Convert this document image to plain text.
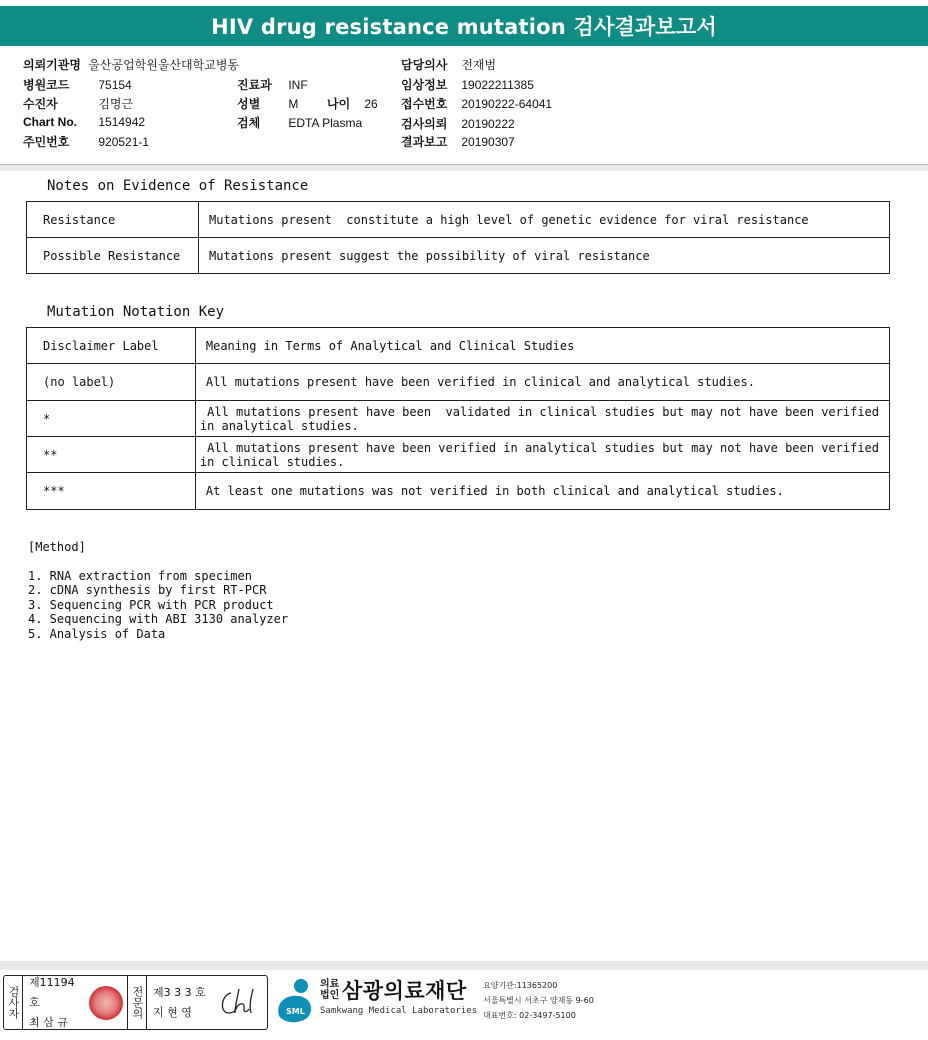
HIV drug resistance mutation 검사결과보고서
의뢰기관명 울산공업학원울산대학교병동
병원코드 75154
수진자	김명근
Chart No. 1514942
주민번호 920521-1
진료과 INF
성별 M 나이 26
검체 EDTA Plasma
담당의사 전재범
임상정보 19022211385
접수번호 20190222-64041
검사의뢰 20190222
결과보고 20190307
Notes on Evidence of Resistance
Resistance	Mutations present  constitute a high level of genetic evidence for viral resistance
Possible Resistance	Mutations present suggest the possibility of viral resistance
Mutation Notation Key
Disclaimer Label	Meaning in Terms of Analytical and Clinical Studies
(no label)	All mutations present have been verified in clinical and analytical studies.
*	All mutations present have been  validated in clinical studies but may not have been verified
in analytical studies.

**	All mutations present have been verified in analytical studies but may not have been verified
in clinical studies.

***	At least one mutations was not verified in both clinical and analytical studies.
[Method]
1. RNA extraction from specimen
2. cDNA synthesis by first RT-PCR
3. Sequencing PCR with PCR product
4. Sequencing with ABI 3130 analyzer
5. Analysis of Data
검사자
제11194호
최 삼 규
전문의 제3 3 3 호
지 현 영	SML
의료 법인 삼광의료재단
Samkwang Medical Laboratories
요양기관:11365200
서울특별시 서초구 양재동 9-60
대표번호: 02-3497-5100
